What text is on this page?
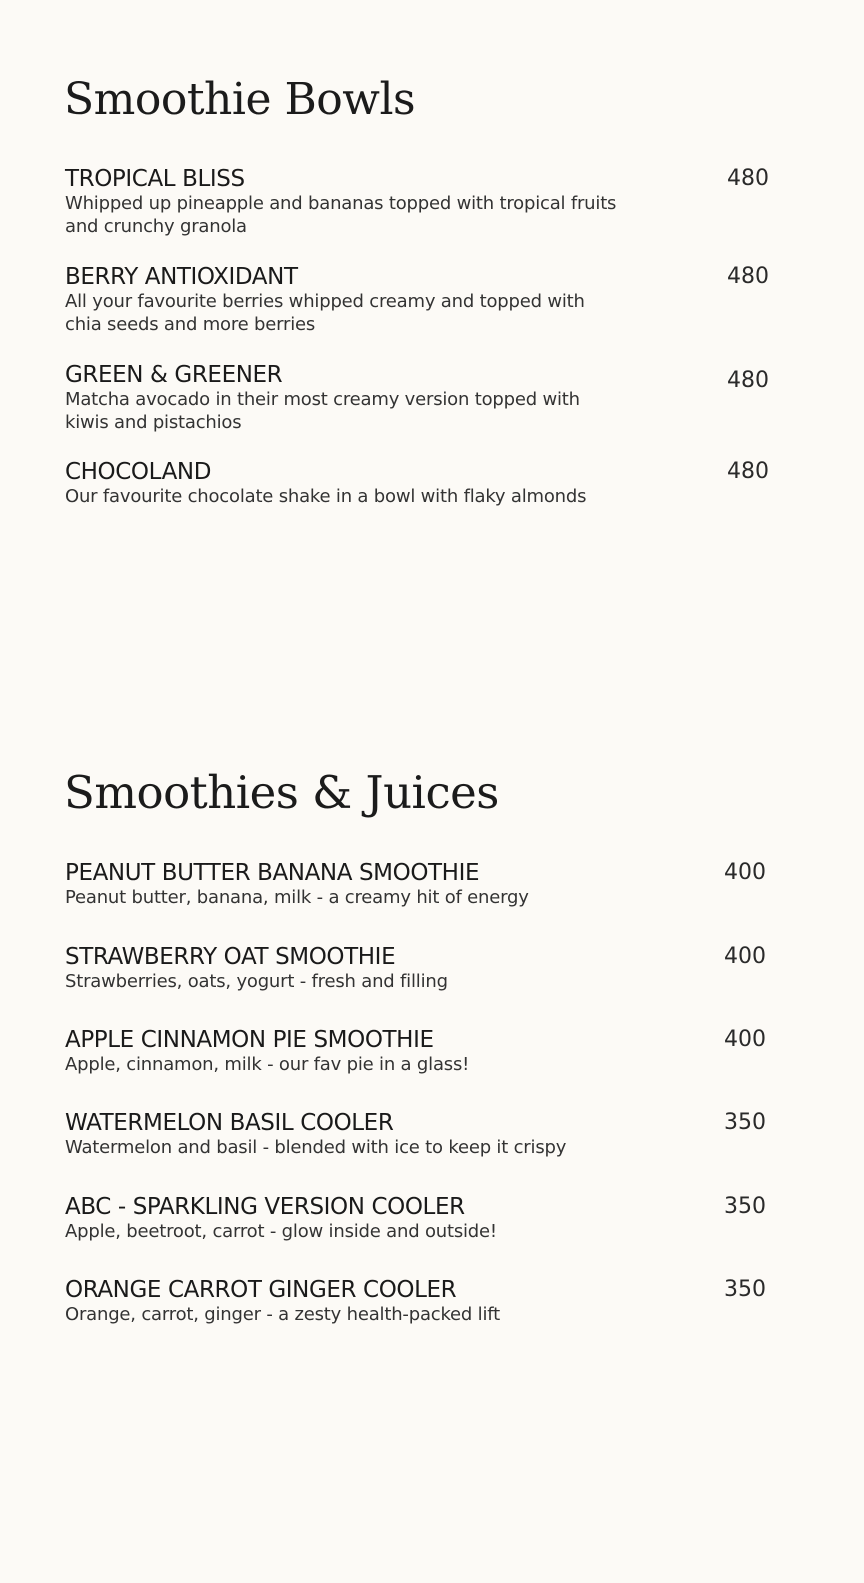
Smoothie Bowls
TROPICAL BLISS
Whipped up pineapple and bananas topped with tropical fruits and crunchy granola
480
BERRY ANTIOXIDANT
All your favourite berries whipped creamy and topped with chia seeds and more berries
480
GREEN & GREENER
Matcha avocado in their most creamy version topped with kiwis and pistachios
480
CHOCOLAND
Our favourite chocolate shake in a bowl with flaky almonds
480
Smoothies & Juices
PEANUT BUTTER BANANA SMOOTHIE
Peanut butter, banana, milk - a creamy hit of energy
400
STRAWBERRY OAT SMOOTHIE
Strawberries, oats, yogurt - fresh and filling
400
APPLE CINNAMON PIE SMOOTHIE
Apple, cinnamon, milk - our fav pie in a glass!
400
WATERMELON BASIL COOLER
Watermelon and basil - blended with ice to keep it crispy
350
ABC - SPARKLING VERSION COOLER
Apple, beetroot, carrot - glow inside and outside!
350
ORANGE CARROT GINGER COOLER
Orange, carrot, ginger - a zesty health-packed lift
350
